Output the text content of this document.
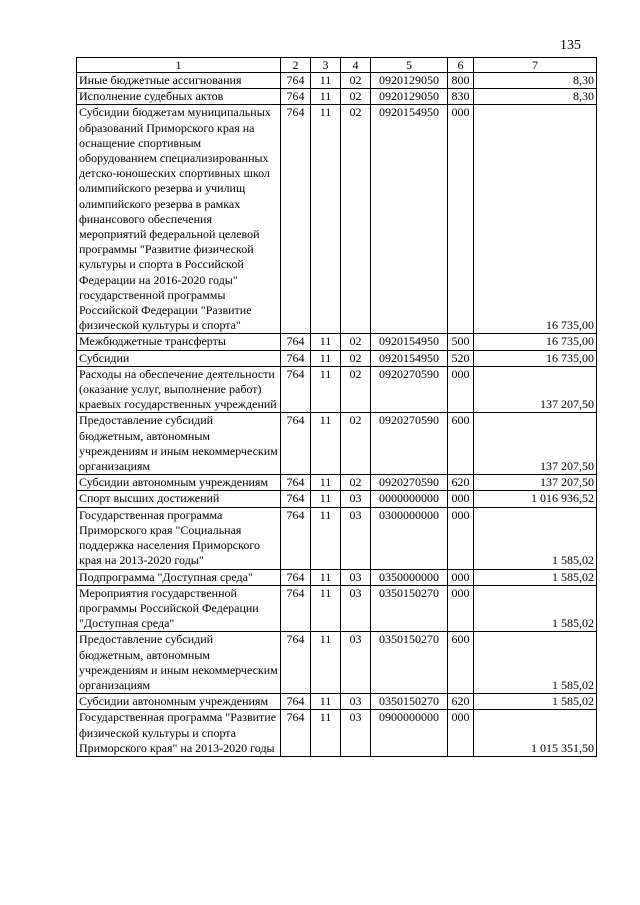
135
1	2	3	4	5	6	7
Иные бюджетные ассигнования	764	11	02	0920129050	800	8,30
Исполнение судебных актов	764	11	02	0920129050	830	8,30
Субсидии бюджетам муниципальных образований Приморского края на оснащение спортивным оборудованием специализированных детско-юношеских спортивных школ олимпийского резерва и училищ олимпийского резерва в рамках финансового обеспечения мероприятий федеральной целевой программы "Развитие физической культуры и спорта в Российской Федерации на 2016-2020 годы" государственной программы Российской Федерации "Развитие физической культуры и спорта"	764	11	02	0920154950	000	16 735,00
Межбюджетные трансферты	764	11	02	0920154950	500	16 735,00
Субсидии	764	11	02	0920154950	520	16 735,00
Расходы на обеспечение деятельности (оказание услуг, выполнение работ) краевых государственных учреждений	764	11	02	0920270590	000	137 207,50
Предоставление субсидий бюджетным, автономным учреждениям и иным некоммерческим организациям	764	11	02	0920270590	600	137 207,50
Субсидии автономным учреждениям	764	11	02	0920270590	620	137 207,50
Спорт высших достижений	764	11	03	0000000000	000	1 016 936,52
Государственная программа Приморского края "Социальная поддержка населения Приморского края на 2013-2020 годы"	764	11	03	0300000000	000	1 585,02
Подпрограмма "Доступная среда"	764	11	03	0350000000	000	1 585,02
Мероприятия государственной программы Российской Федерации "Доступная среда"	764	11	03	0350150270	000	1 585,02
Предоставление субсидий бюджетным, автономным учреждениям и иным некоммерческим организациям	764	11	03	0350150270	600	1 585,02
Субсидии автономным учреждениям	764	11	03	0350150270	620	1 585,02
Государственная программа "Развитие физической культуры и спорта Приморского края" на 2013-2020 годы	764	11	03	0900000000	000	1 015 351,50
